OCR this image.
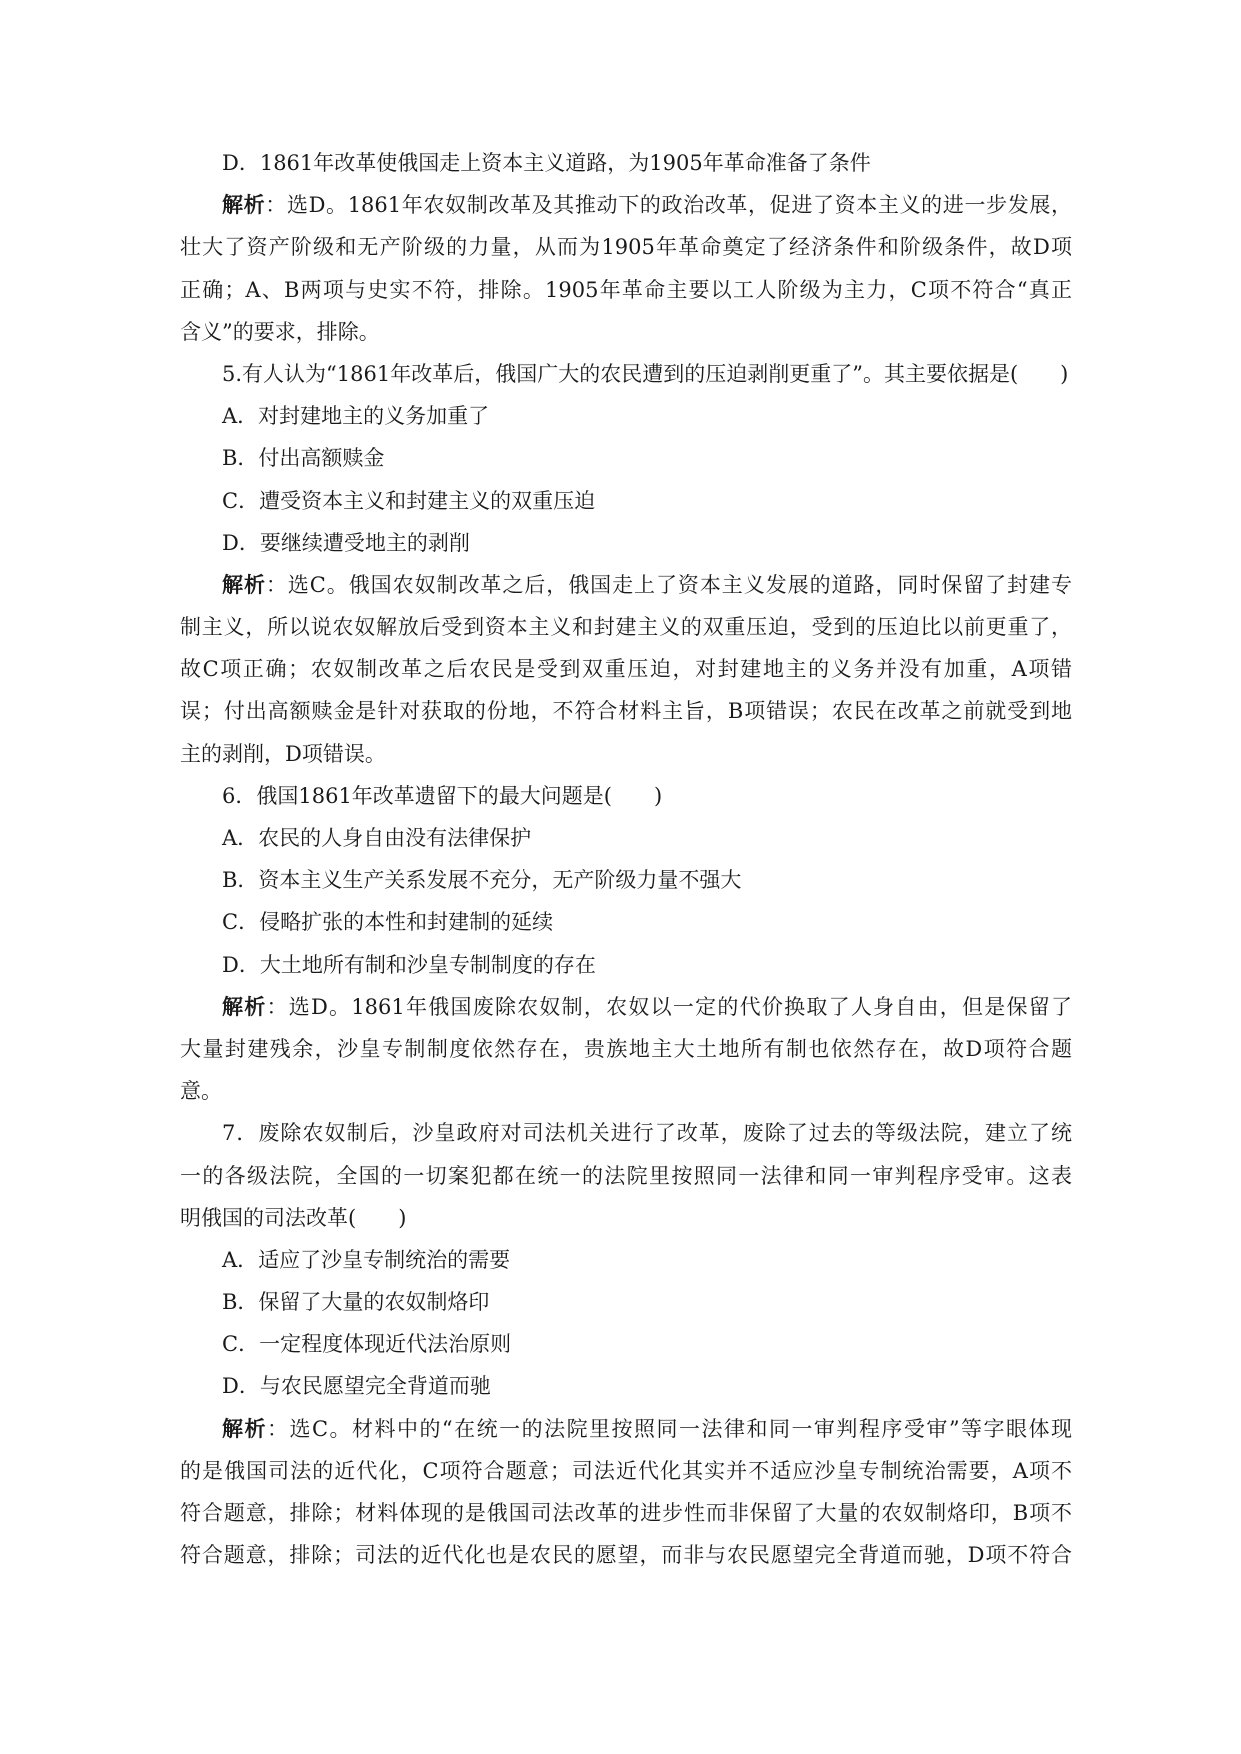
D．1861年改革使俄国走上资本主义道路，为1905年革命准备了条件
解析：选D。1861年农奴制改革及其推动下的政治改革，促进了资本主义的进一步发展，
壮大了资产阶级和无产阶级的力量，从而为1905年革命奠定了经济条件和阶级条件，故D项
正确；A、B两项与史实不符，排除。1905年革命主要以工人阶级为主力，C项不符合“真正
含义”的要求，排除。
5.有人认为“1861年改革后，俄国广大的农民遭到的压迫剥削更重了”。其主要依据是(　　)
A．对封建地主的义务加重了
B．付出高额赎金
C．遭受资本主义和封建主义的双重压迫
D．要继续遭受地主的剥削
解析：选C。俄国农奴制改革之后，俄国走上了资本主义发展的道路，同时保留了封建专
制主义，所以说农奴解放后受到资本主义和封建主义的双重压迫，受到的压迫比以前更重了，
故C项正确；农奴制改革之后农民是受到双重压迫，对封建地主的义务并没有加重，A项错
误；付出高额赎金是针对获取的份地，不符合材料主旨，B项错误；农民在改革之前就受到地
主的剥削，D项错误。
6．俄国1861年改革遗留下的最大问题是(　　)
A．农民的人身自由没有法律保护
B．资本主义生产关系发展不充分，无产阶级力量不强大
C．侵略扩张的本性和封建制的延续
D．大土地所有制和沙皇专制制度的存在
解析：选D。1861年俄国废除农奴制，农奴以一定的代价换取了人身自由，但是保留了
大量封建残余，沙皇专制制度依然存在，贵族地主大土地所有制也依然存在，故D项符合题
意。
7．废除农奴制后，沙皇政府对司法机关进行了改革，废除了过去的等级法院，建立了统
一的各级法院，全国的一切案犯都在统一的法院里按照同一法律和同一审判程序受审。这表
明俄国的司法改革(　　)
A．适应了沙皇专制统治的需要
B．保留了大量的农奴制烙印
C．一定程度体现近代法治原则
D．与农民愿望完全背道而驰
解析：选C。材料中的“在统一的法院里按照同一法律和同一审判程序受审”等字眼体现
的是俄国司法的近代化，C项符合题意；司法近代化其实并不适应沙皇专制统治需要，A项不
符合题意，排除；材料体现的是俄国司法改革的进步性而非保留了大量的农奴制烙印，B项不
符合题意，排除；司法的近代化也是农民的愿望，而非与农民愿望完全背道而驰，D项不符合
